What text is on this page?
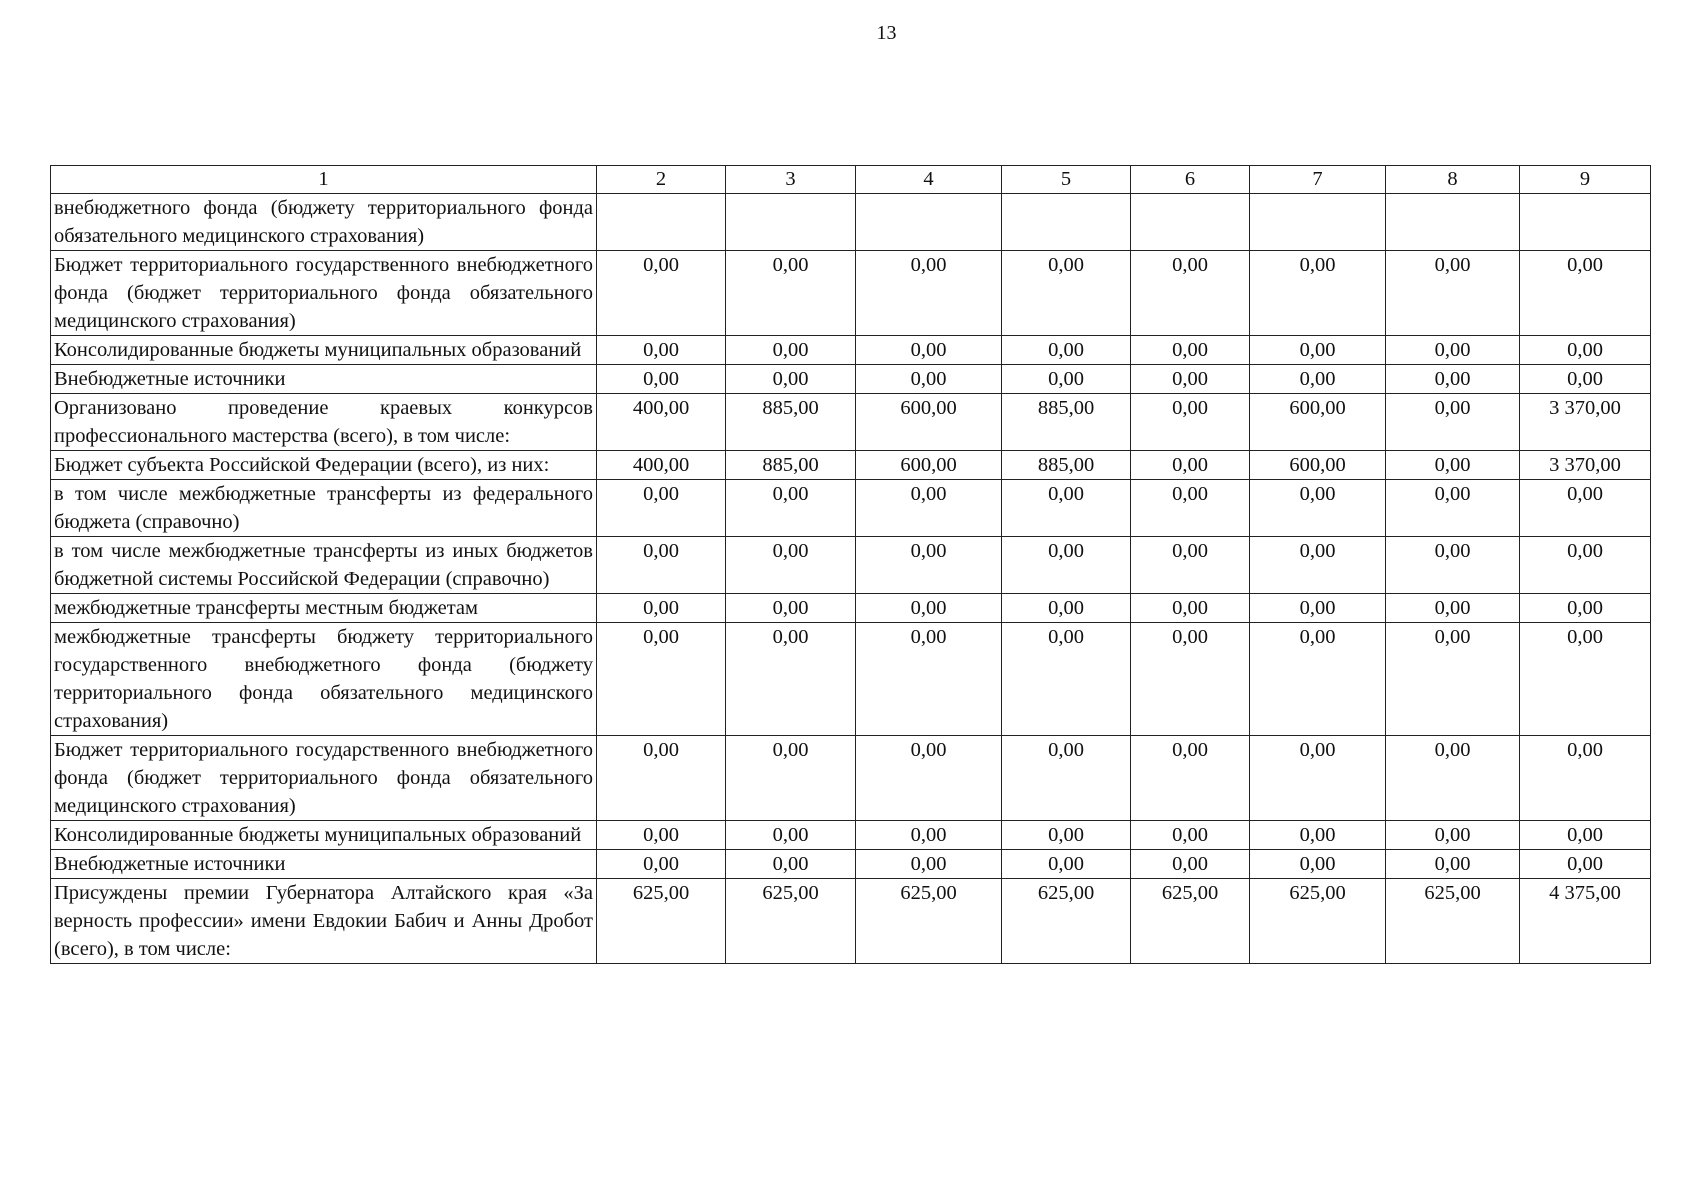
13
1	2	3	4	5	6	7	8	9
внебюджетного фонда (бюджету территориального фонда обязательного медицинского страхования)								
Бюджет территориального государственного внебюджетного фонда (бюджет территориального фонда обязательного медицинского страхования)	0,00	0,00	0,00	0,00	0,00	0,00	0,00	0,00
Консолидированные бюджеты муниципальных образований	0,00	0,00	0,00	0,00	0,00	0,00	0,00	0,00
Внебюджетные источники	0,00	0,00	0,00	0,00	0,00	0,00	0,00	0,00
Организовано проведение краевых конкурсов профессионального мастерства (всего), в том числе:	400,00	885,00	600,00	885,00	0,00	600,00	0,00	3 370,00
Бюджет субъекта Российской Федерации (всего), из них:	400,00	885,00	600,00	885,00	0,00	600,00	0,00	3 370,00
в том числе межбюджетные трансферты из федерального бюджета (справочно)	0,00	0,00	0,00	0,00	0,00	0,00	0,00	0,00
в том числе межбюджетные трансферты из иных бюджетов бюджетной системы Российской Федерации (справочно)	0,00	0,00	0,00	0,00	0,00	0,00	0,00	0,00
межбюджетные трансферты местным бюджетам	0,00	0,00	0,00	0,00	0,00	0,00	0,00	0,00
межбюджетные трансферты бюджету территориального государственного внебюджетного фонда (бюджету территориального фонда обязательного медицинского страхования)	0,00	0,00	0,00	0,00	0,00	0,00	0,00	0,00
Бюджет территориального государственного внебюджетного фонда (бюджет территориального фонда обязательного медицинского страхования)	0,00	0,00	0,00	0,00	0,00	0,00	0,00	0,00
Консолидированные бюджеты муниципальных образований	0,00	0,00	0,00	0,00	0,00	0,00	0,00	0,00
Внебюджетные источники	0,00	0,00	0,00	0,00	0,00	0,00	0,00	0,00
Присуждены премии Губернатора Алтайского края «За верность профессии» имени Евдокии Бабич и Анны Дробот (всего), в том числе:	625,00	625,00	625,00	625,00	625,00	625,00	625,00	4 375,00
